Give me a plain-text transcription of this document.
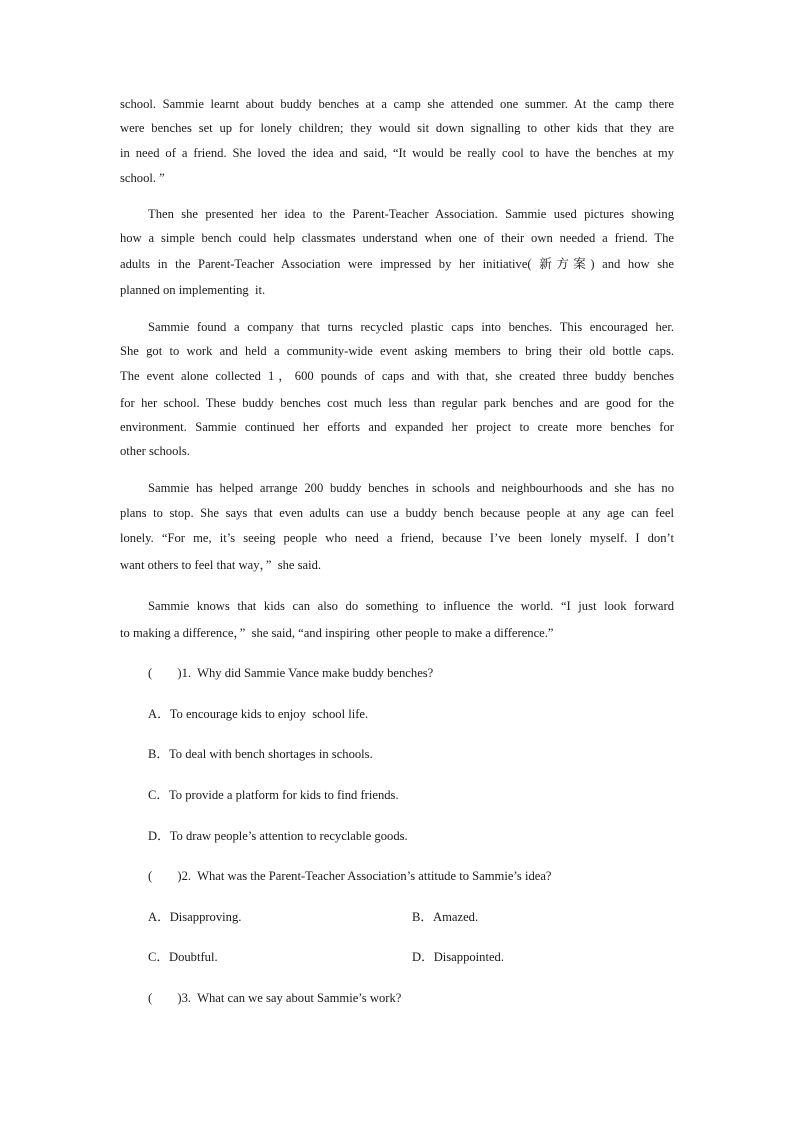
school. Sammie learnt about buddy benches at a camp she attended one summer. At the camp there
were benches set up for lonely children; they would sit down signalling to other kids that they are
in need of a friend. She loved the idea and said, “It would be really cool to have the benches at my
school. ”
Then she presented her idea to the Parent-Teacher Association. Sammie used pictures showing
how a simple bench could help classmates understand when one of their own needed a friend. The
adults in the Parent-Teacher Association were impressed by her initiative( 新方案) and how she
planned on implementing  it.
Sammie found a company that turns recycled plastic caps into benches. This encouraged her.
She got to work and held a community-wide event asking members to bring their old bottle caps.
The event alone collected 1，600 pounds of caps and with that, she created three buddy benches
for her school. These buddy benches cost much less than regular park benches and are good for the
environment. Sammie continued her efforts and expanded her project to create more benches for
other schools.
Sammie has helped arrange 200 buddy benches in schools and neighbourhoods and she has no
plans to stop. She says that even adults can use a buddy bench because people at any age can feel
lonely. “For me, it’s seeing people who need a friend, because I’ve been lonely myself. I don’t
want others to feel that way，”  she said.
Sammie knows that kids can also do something to influence the world. “I just look forward
to making a difference，”  she said, “and inspiring  other people to make a difference.”
(        )1.  Why did Sammie Vance make buddy benches?
A．To encourage kids to enjoy  school life.
B．To deal with bench shortages in schools.
C．To provide a platform for kids to find friends.
D．To draw people’s attention to recyclable goods.
(        )2.  What was the Parent-Teacher Association’s attitude to Sammie’s idea?
A．Disapproving.	B．Amazed.
C．Doubtful.	D．Disappointed.
(        )3.  What can we say about Sammie’s work?
